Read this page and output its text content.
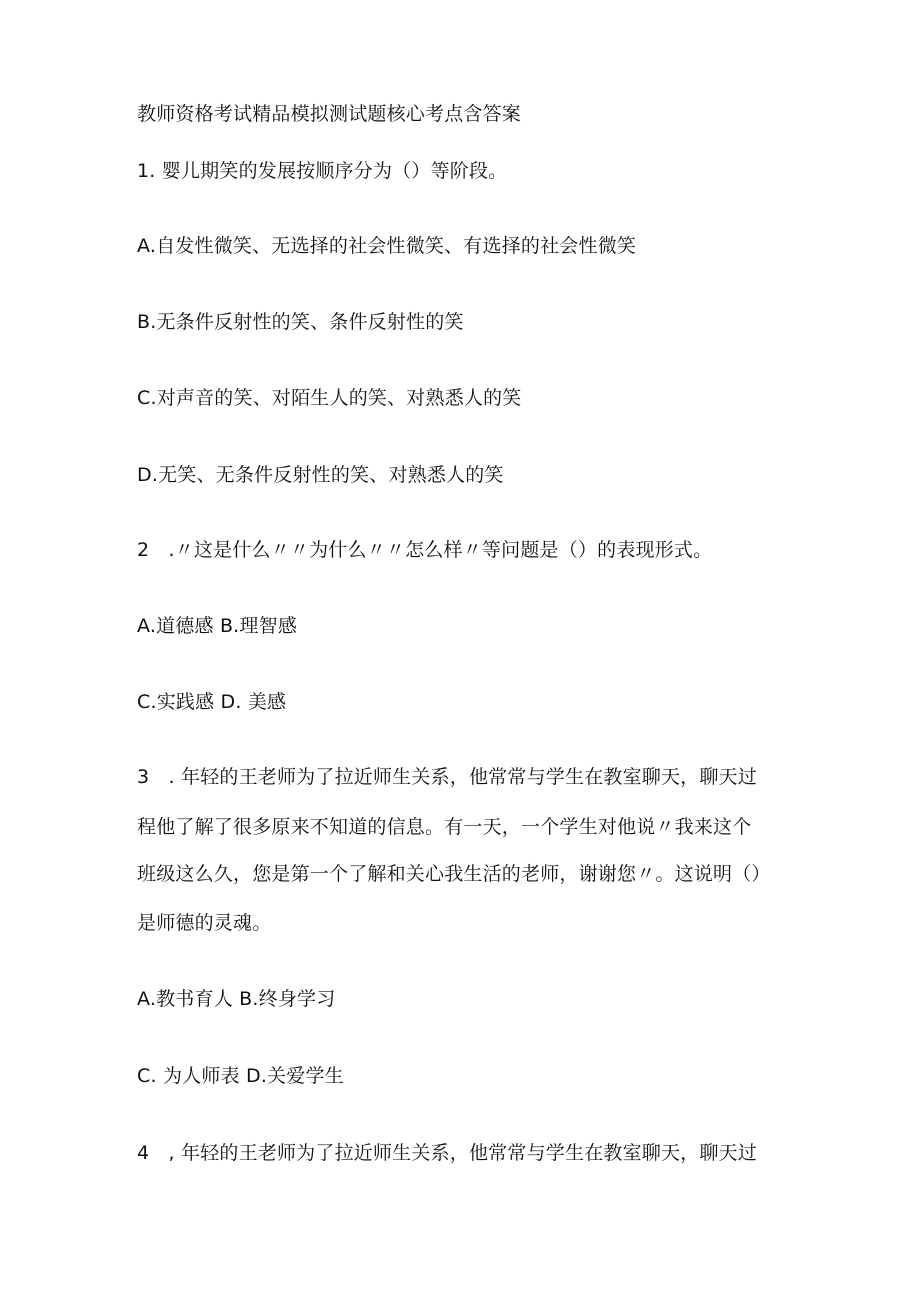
教师资格考试精品模拟测试题核心考点含答案
1. 婴儿期笑的发展按顺序分为（）等阶段。
A.自发性微笑、无选择的社会性微笑、有选择的社会性微笑
B.无条件反射性的笑、条件反射性的笑
C.对声音的笑、对陌生人的笑、对熟悉人的笑
D.无笑、无条件反射性的笑、对熟悉人的笑
2　.〃这是什么〃〃为什么〃〃怎么样〃等问题是（）的表现形式。
A.道德感 B.理智感
C.实践感 D. 美感
3　. 年轻的王老师为了拉近师生关系，他常常与学生在教室聊天，聊天过
程他了解了很多原来不知道的信息。有一天，一个学生对他说〃我来这个
班级这么久，您是第一个了解和关心我生活的老师，谢谢您〃。这说明（）
是师德的灵魂。
A.教书育人 B.终身学习
C. 为人师表 D.关爱学生
4　, 年轻的王老师为了拉近师生关系，他常常与学生在教室聊天，聊天过
